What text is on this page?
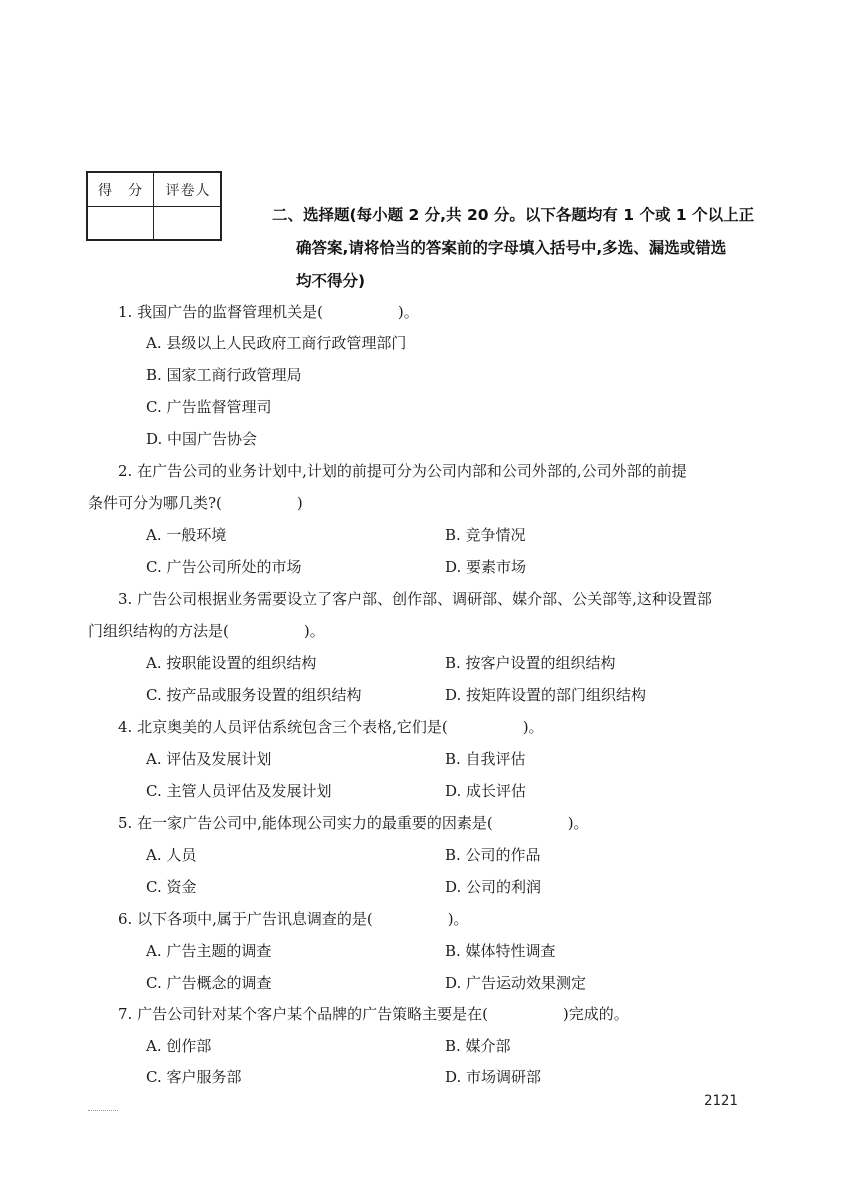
得　分	评卷人
二、选择题(每小题 2 分,共 20 分。以下各题均有 1 个或 1 个以上正
确答案,请将恰当的答案前的字母填入括号中,多选、漏选或错选
均不得分)
1. 我国广告的监督管理机关是(　　　　　)。
A. 县级以上人民政府工商行政管理部门
B. 国家工商行政管理局
C. 广告监督管理司
D. 中国广告协会
2. 在广告公司的业务计划中,计划的前提可分为公司内部和公司外部的,公司外部的前提
条件可分为哪几类?(　　　　　)
A. 一般环境	B. 竞争情况
C. 广告公司所处的市场	D. 要素市场
3. 广告公司根据业务需要设立了客户部、创作部、调研部、媒介部、公关部等,这种设置部
门组织结构的方法是(　　　　　)。
A. 按职能设置的组织结构	B. 按客户设置的组织结构
C. 按产品或服务设置的组织结构	D. 按矩阵设置的部门组织结构
4. 北京奥美的人员评估系统包含三个表格,它们是(　　　　　)。
A. 评估及发展计划	B. 自我评估
C. 主管人员评估及发展计划	D. 成长评估
5. 在一家广告公司中,能体现公司实力的最重要的因素是(　　　　　)。
A. 人员	B. 公司的作品
C. 资金	D. 公司的利润
6. 以下各项中,属于广告讯息调查的是(　　　　　)。
A. 广告主题的调查	B. 媒体特性调查
C. 广告概念的调查	D. 广告运动效果测定
7. 广告公司针对某个客户某个品牌的广告策略主要是在(　　　　　)完成的。
A. 创作部	B. 媒介部
C. 客户服务部	D. 市场调研部
2121
